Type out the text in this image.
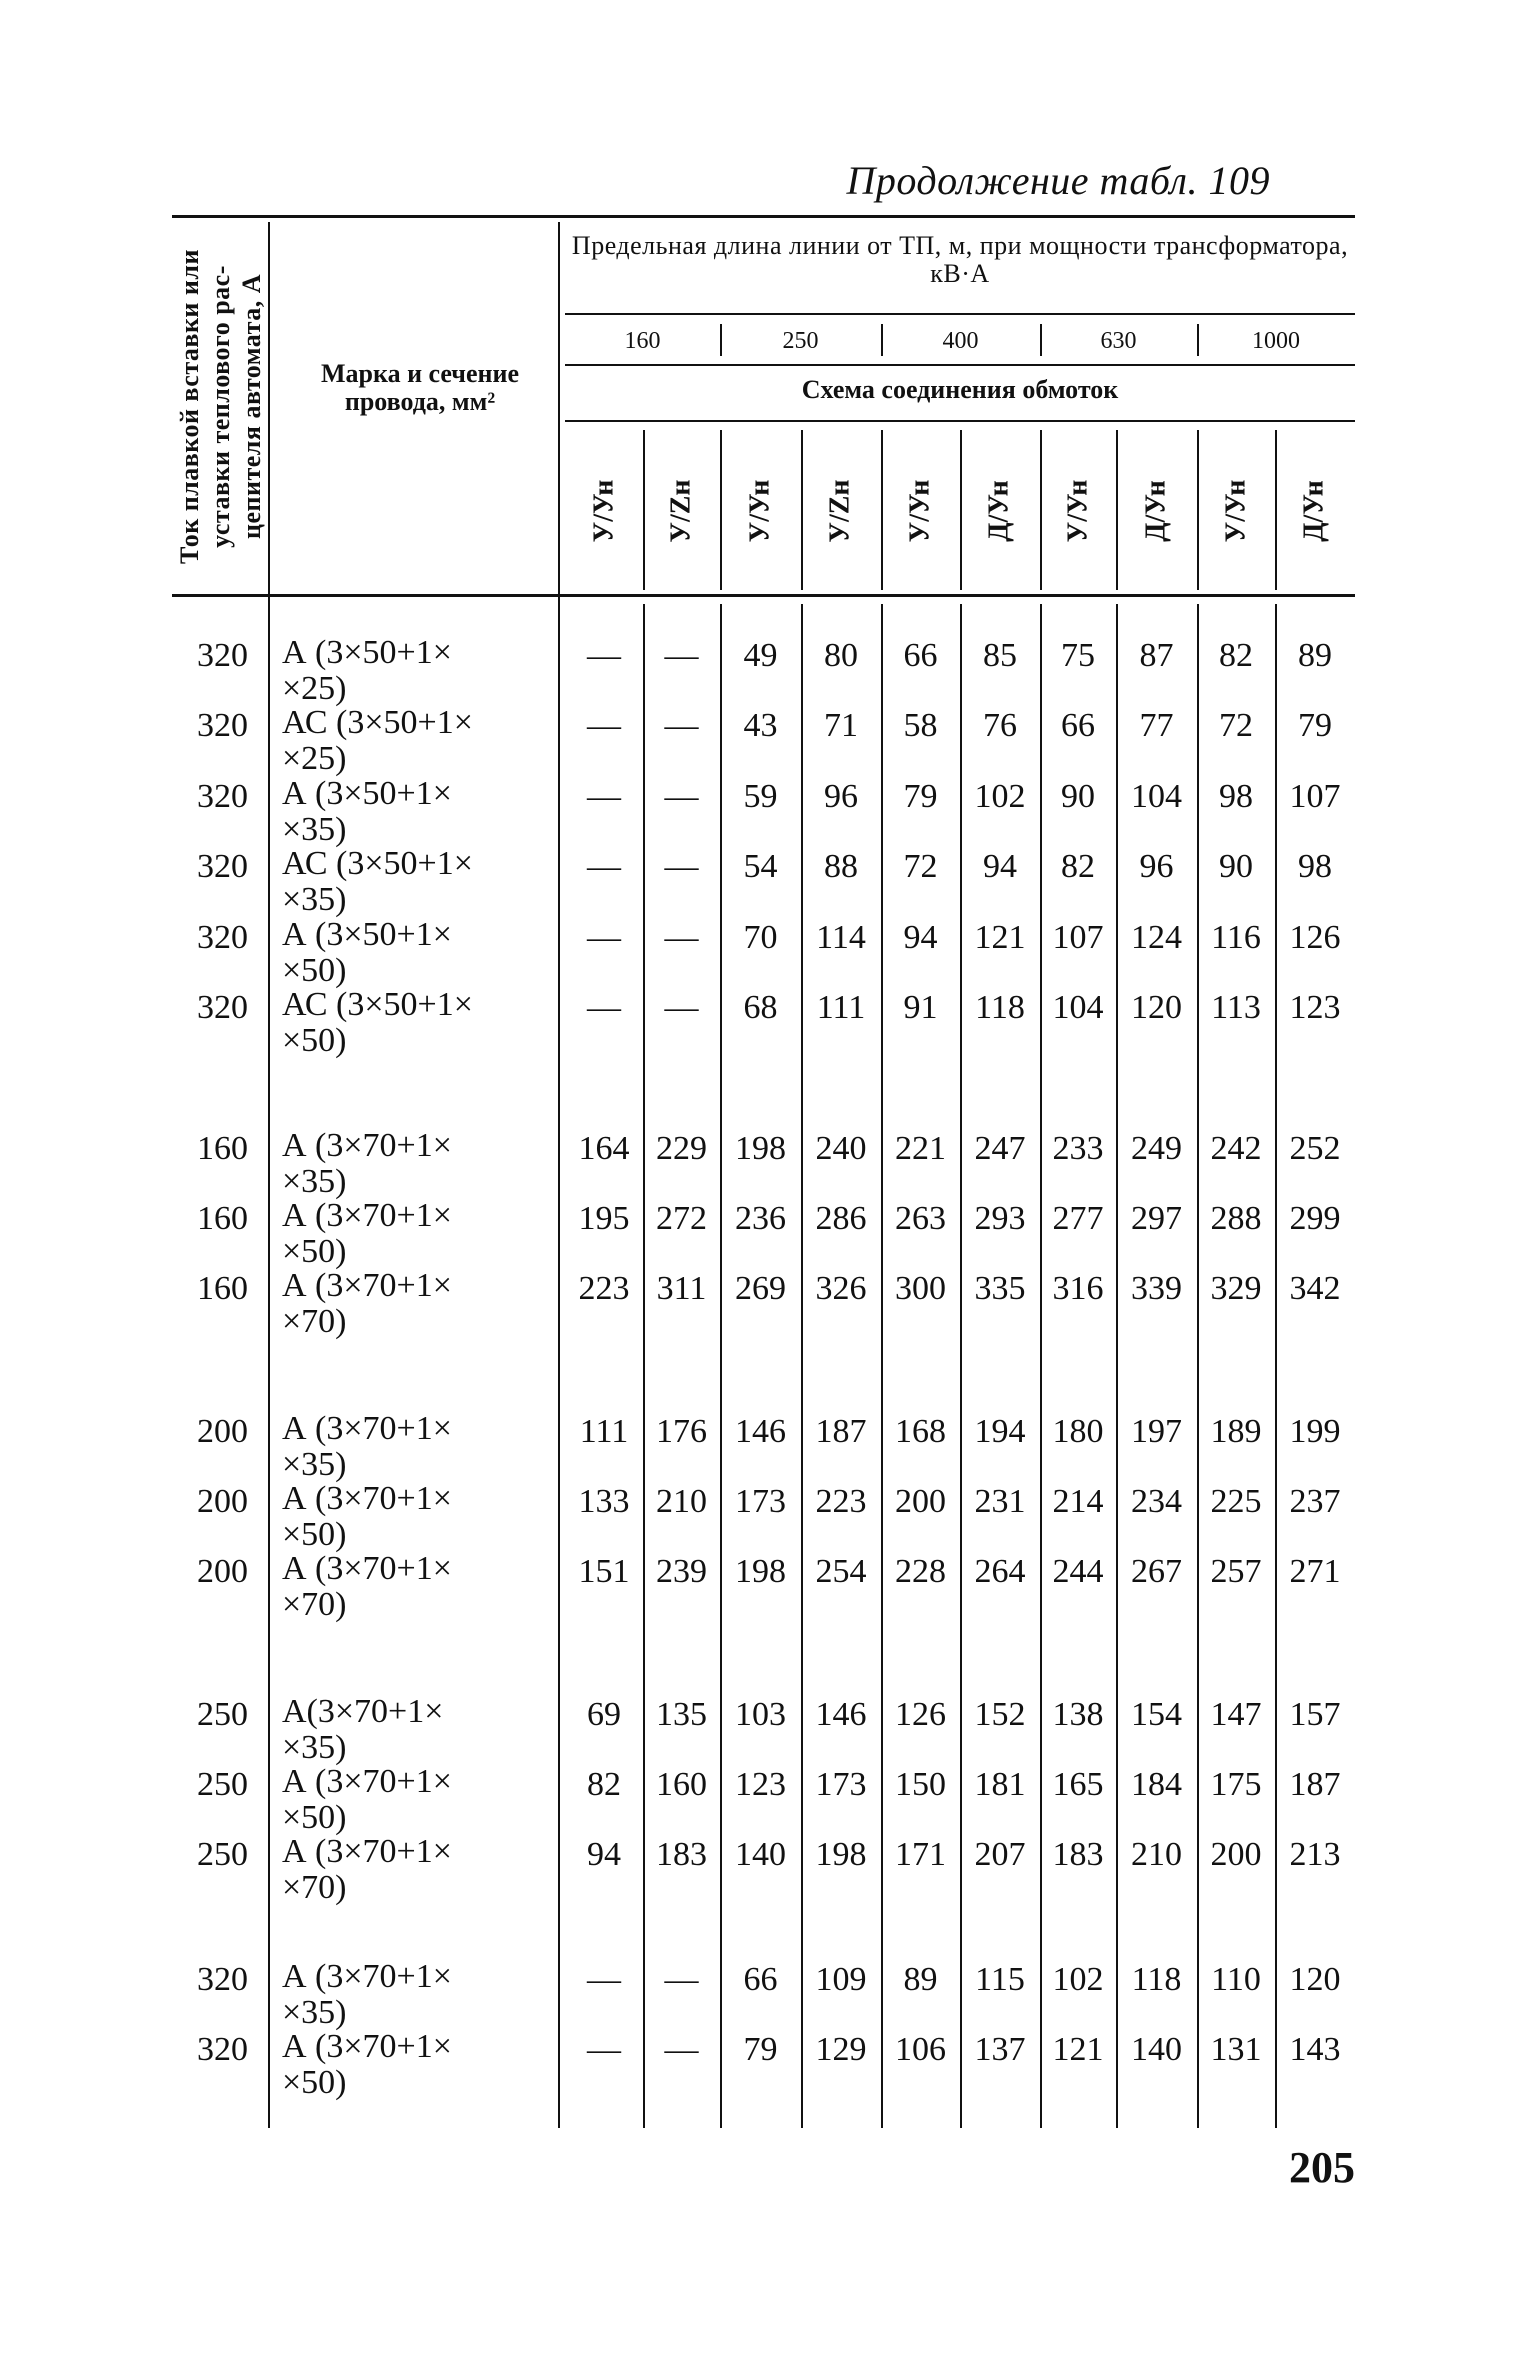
Продолжение табл. 109
Ток плавкой вставки или
уставки теплового рас-
цепителя автомата, А
Марка и сечение провода, мм²
Предельная длина линии от ТП, м, при мощности трансформатора, кВ·А
Схема соединения обмоток
160	250	400	630	1000
У/Ун У/Zн У/Ун У/Zн У/Ун Д/Ун У/Ун Д/Ун У/Ун Д/Ун
320 А (3×50+1×
×25)
—	—	49	80	66	85	75	87	82	89
320 АС (3×50+1×
×25)
—	—	43	71	58	76	66	77	72	79
320 А (3×50+1×
×35)
—	—	59	96	79	102	90	104	98	107
320 АС (3×50+1×
×35)
—	—	54	88	72	94	82	96	90	98
320 А (3×50+1×
×50)
—	—	70	114	94	121 107 124 116 126
320 АС (3×50+1×
×50)
—	—	68	111	91	118 104 120 113 123
160 А (3×70+1×
×35)
164 229 198 240 221 247 233 249 242 252
160 А (3×70+1×
×50)
195 272 236 286 263 293 277 297 288 299
160 А (3×70+1×
×70)
223 311 269 326 300 335 316 339 329 342
200 А (3×70+1×
×35)
111 176 146 187 168 194 180 197 189 199
200 А (3×70+1×
×50)
133 210 173 223 200 231 214 234 225 237
200 А (3×70+1×
×70)
151 239 198 254 228 264 244 267 257 271
250 А(3×70+1×
×35)
69	135 103 146 126 152 138 154 147 157
250 А (3×70+1×
×50)
82	160 123 173 150 181 165 184 175 187
250 А (3×70+1×
×70)
94	183 140 198 171 207 183 210 200 213
320 А (3×70+1×
×35)
—	—	66	109	89	115 102 118 110 120
320 А (3×70+1×
×50)
—	—	79	129 106 137 121 140 131 143
205
